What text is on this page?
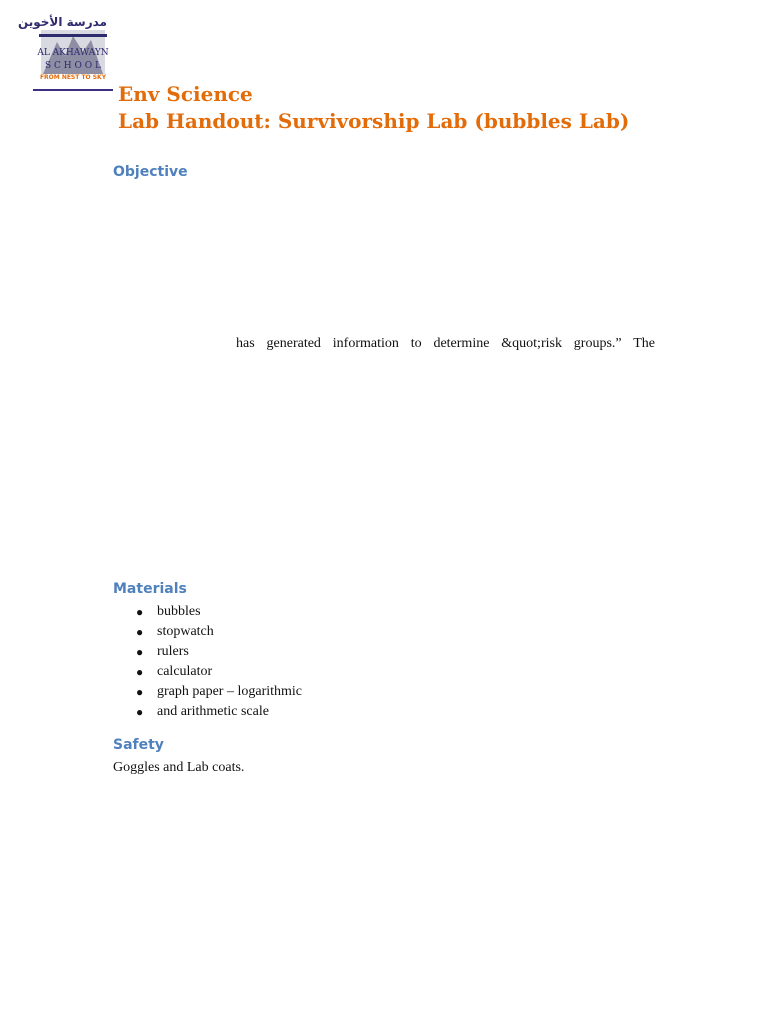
مدرسة الأخوين
AL AKHAWAYN
S C H O O L
FROM NEST TO SKY
Env Science
Lab Handout: Survivorship Lab (bubbles Lab)
Objective

has generated information to determine &quot;risk groups.” The

Materials
● bubbles
● stopwatch
● rulers
● calculator
● graph paper – logarithmic
● and arithmetic scale
Safety

Goggles and Lab coats.
